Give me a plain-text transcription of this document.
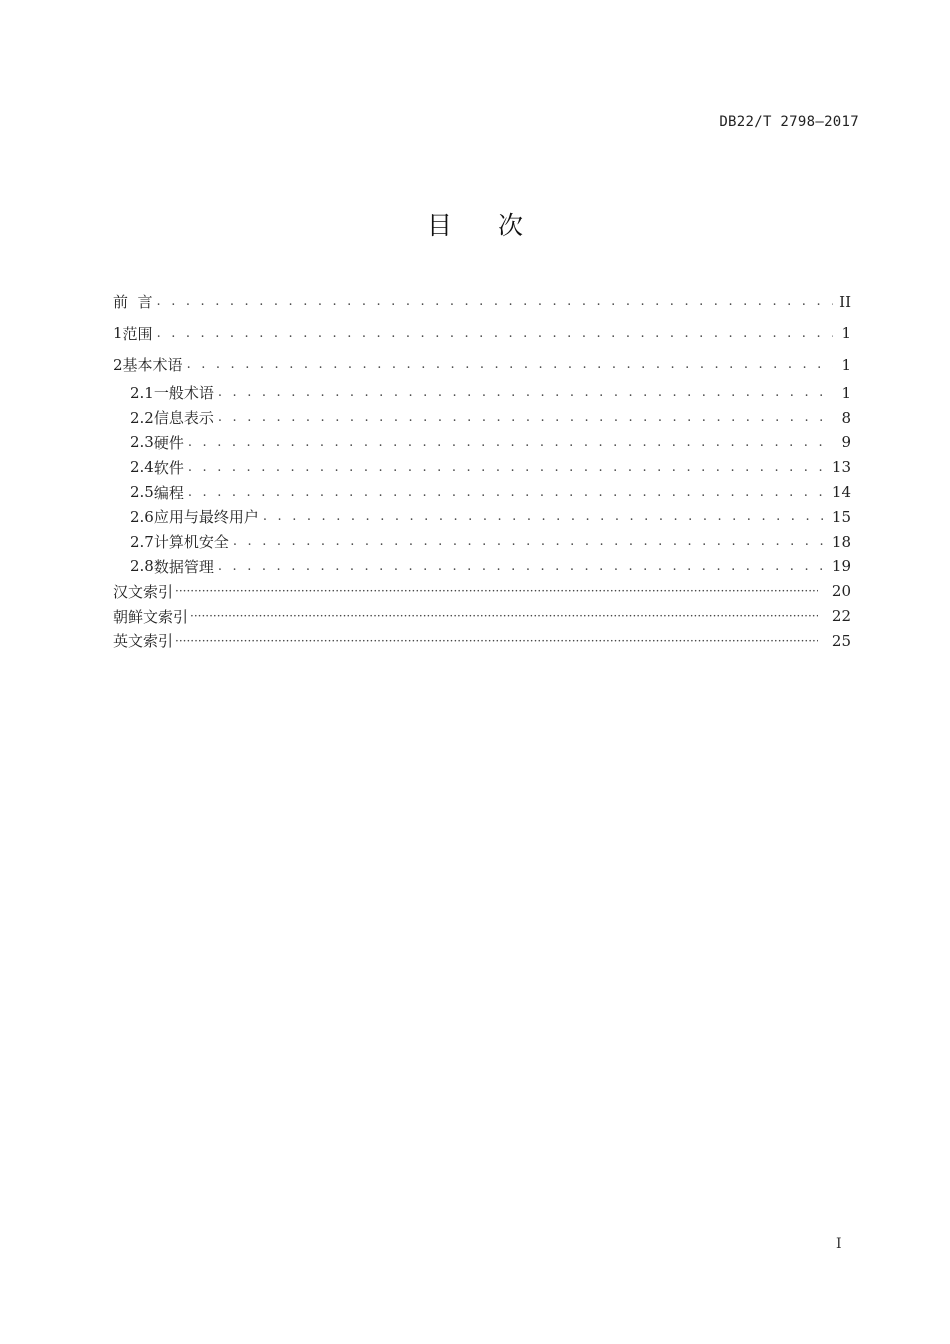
DB22/T 2798—2017
目次
前  言 . . .	II
1 范围 . . .	1
2 基本术语 . . .	1
2.1 一般术语 . . .	1
2.2 信息表示 . . .	8
2.3 硬件 . . .	9
2.4 软件 . . .	13
2.5 编程 . . .	14
2.6 应用与最终用户 . . .	15
2.7 计算机安全 . . .	18
2.8 数据管理 . . .	19
汉文索引 ·····	20
朝鲜文索引 ·····	22
英文索引 ·····	25
I
